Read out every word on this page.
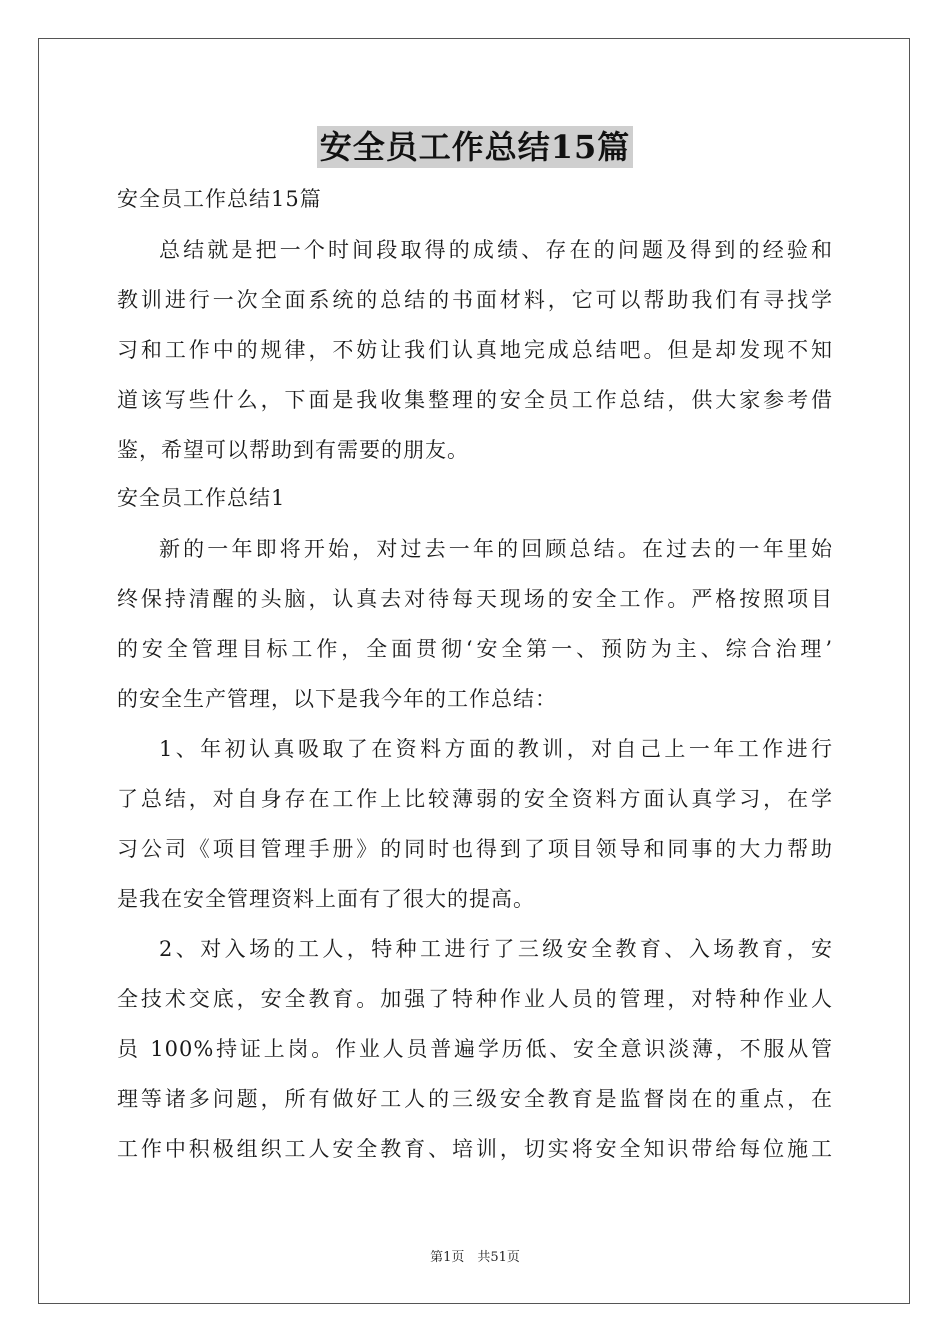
安全员工作总结15篇
安全员工作总结15篇
总结就是把一个时间段取得的成绩、存在的问题及得到的经验和
教训进行一次全面系统的总结的书面材料，它可以帮助我们有寻找学
习和工作中的规律，不妨让我们认真地完成总结吧。但是却发现不知
道该写些什么，下面是我收集整理的安全员工作总结，供大家参考借
鉴，希望可以帮助到有需要的朋友。
安全员工作总结1
新的一年即将开始，对过去一年的回顾总结。在过去的一年里始
终保持清醒的头脑，认真去对待每天现场的安全工作。严格按照项目
的安全管理目标工作，全面贯彻‘安全第一、预防为主、综合治理’
的安全生产管理，以下是我今年的工作总结：
1、年初认真吸取了在资料方面的教训，对自己上一年工作进行
了总结，对自身存在工作上比较薄弱的安全资料方面认真学习，在学
习公司《项目管理手册》的同时也得到了项目领导和同事的大力帮助
是我在安全管理资料上面有了很大的提高。
2、对入场的工人，特种工进行了三级安全教育、入场教育，安
全技术交底，安全教育。加强了特种作业人员的管理，对特种作业人
员 100%持证上岗。作业人员普遍学历低、安全意识淡薄，不服从管
理等诸多问题，所有做好工人的三级安全教育是监督岗在的重点，在
工作中积极组织工人安全教育、培训，切实将安全知识带给每位施工
第1页　共51页
